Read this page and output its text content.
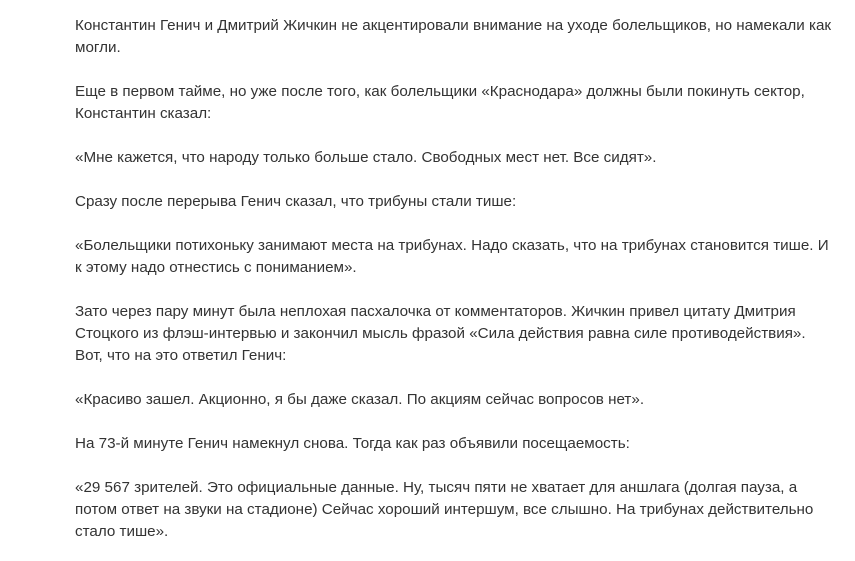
Константин Генич и Дмитрий Жичкин не акцентировали внимание на уходе болельщиков, но намекали как могли.

Еще в первом тайме, но уже после того, как болельщики «Краснодара» должны были покинуть сектор, Константин сказал:

«Мне кажется, что народу только больше стало. Свободных мест нет. Все сидят».

Сразу после перерыва Генич сказал, что трибуны стали тише:

«Болельщики потихоньку занимают места на трибунах. Надо сказать, что на трибунах становится тише. И к этому надо отнестись с пониманием».

Зато через пару минут была неплохая пасхалочка от комментаторов. Жичкин привел цитату Дмитрия Стоцкого из флэш-интервью и закончил мысль фразой «Сила действия равна силе противодействия». Вот, что на это ответил Генич:

«Красиво зашел. Акционно, я бы даже сказал. По акциям сейчас вопросов нет».

На 73-й минуте Генич намекнул снова. Тогда как раз объявили посещаемость:

«29 567 зрителей. Это официальные данные. Ну, тысяч пяти не хватает для аншлага (долгая пауза, а потом ответ на звуки на стадионе) Сейчас хороший интершум, все слышно. На трибунах действительно стало тише».
